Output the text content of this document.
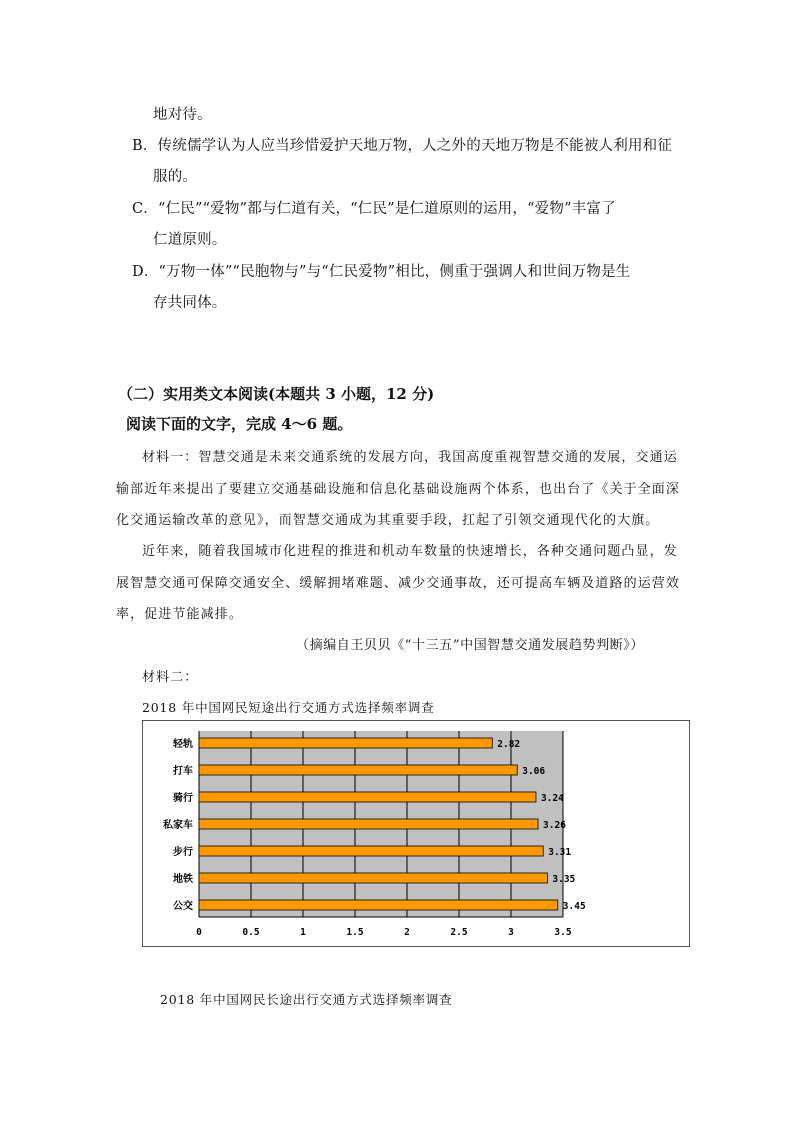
地对待。
B．传统儒学认为人应当珍惜爱护天地万物，人之外的天地万物是不能被人利用和征
服的。
C．“仁民”“爱物”都与仁道有关，“仁民”是仁道原则的运用，“爱物”丰富了
仁道原则。
D．“万物一体”“民胞物与”与“仁民爱物”相比，侧重于强调人和世间万物是生
存共同体。
（二）实用类文本阅读(本题共 3 小题，12 分)
阅读下面的文字，完成 4～6 题。
材料一：智慧交通是未来交通系统的发展方向，我国高度重视智慧交通的发展，交通运
输部近年来提出了要建立交通基础设施和信息化基础设施两个体系，也出台了《关于全面深
化交通运输改革的意见》，而智慧交通成为其重要手段，扛起了引领交通现代化的大旗。
近年来，随着我国城市化进程的推进和机动车数量的快速增长，各种交通问题凸显，发
展智慧交通可保障交通安全、缓解拥堵难题、减少交通事故，还可提高车辆及道路的运营效
率，促进节能减排。
（摘编自王贝贝《“十三五”中国智慧交通发展趋势判断》）
材料二：
2018 年中国网民短途出行交通方式选择频率调查
轻轨	2.82
打车	3.06
骑行	3.24
私家车	3.26
步行	3.31
地铁	3.35
公交	3.45
0	0.5	1	1.5	2	2.5	3	3.5
2018 年中国网民长途出行交通方式选择频率调查
